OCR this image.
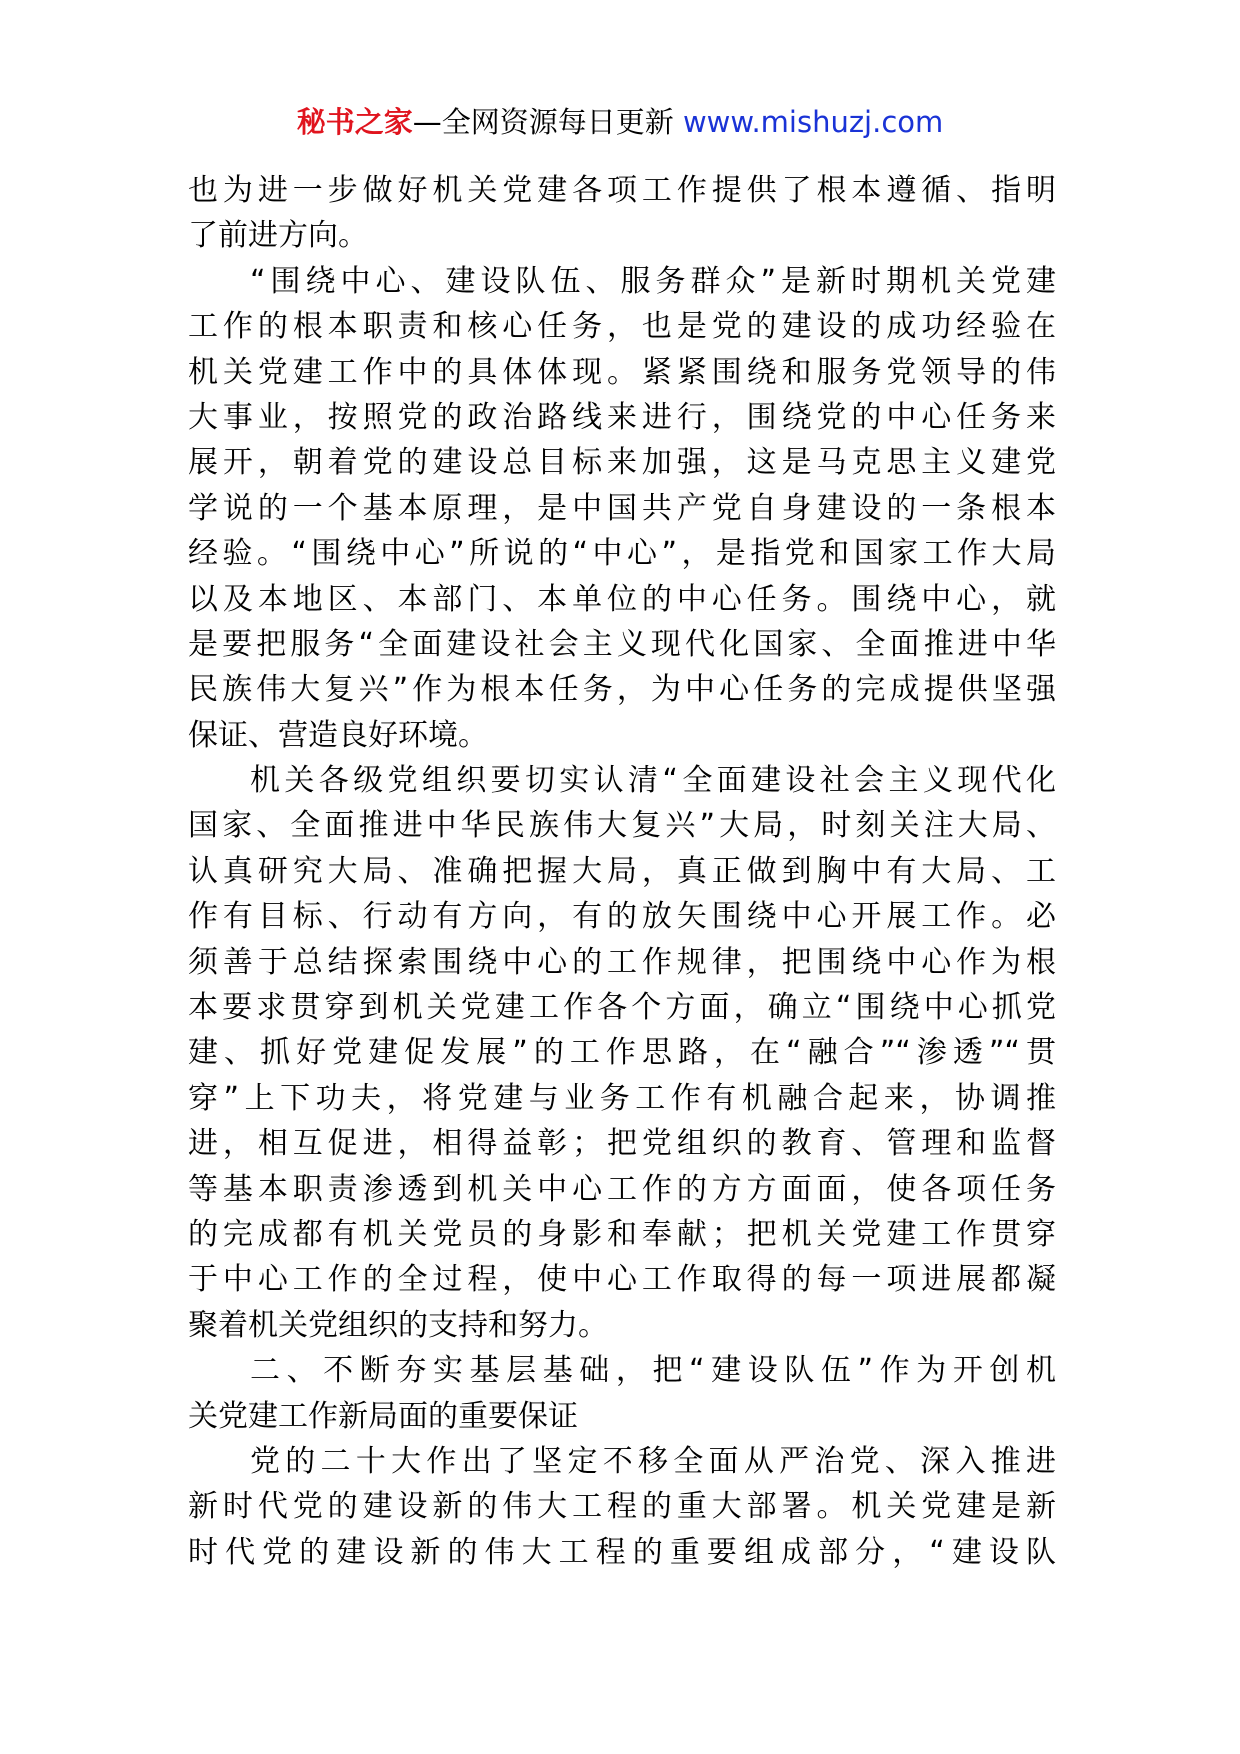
秘书之家—全网资源每日更新 www.mishuzj.com
也为进一步做好机关党建各项工作提供了根本遵循、指明
了前进方向。
“围绕中心、建设队伍、服务群众”是新时期机关党建
工作的根本职责和核心任务，也是党的建设的成功经验在
机关党建工作中的具体体现。紧紧围绕和服务党领导的伟
大事业，按照党的政治路线来进行，围绕党的中心任务来
展开，朝着党的建设总目标来加强，这是马克思主义建党
学说的一个基本原理，是中国共产党自身建设的一条根本
经验。“围绕中心”所说的“中心”，是指党和国家工作大局
以及本地区、本部门、本单位的中心任务。围绕中心，就
是要把服务“全面建设社会主义现代化国家、全面推进中华
民族伟大复兴”作为根本任务，为中心任务的完成提供坚强
保证、营造良好环境。
机关各级党组织要切实认清“全面建设社会主义现代化
国家、全面推进中华民族伟大复兴”大局，时刻关注大局、
认真研究大局、准确把握大局，真正做到胸中有大局、工
作有目标、行动有方向，有的放矢围绕中心开展工作。必
须善于总结探索围绕中心的工作规律，把围绕中心作为根
本要求贯穿到机关党建工作各个方面，确立“围绕中心抓党
建、抓好党建促发展”的工作思路，在“融合”“渗透”“贯
穿”上下功夫，将党建与业务工作有机融合起来，协调推
进，相互促进，相得益彰；把党组织的教育、管理和监督
等基本职责渗透到机关中心工作的方方面面，使各项任务
的完成都有机关党员的身影和奉献；把机关党建工作贯穿
于中心工作的全过程，使中心工作取得的每一项进展都凝
聚着机关党组织的支持和努力。
二、不断夯实基层基础，把“建设队伍”作为开创机
关党建工作新局面的重要保证
党的二十大作出了坚定不移全面从严治党、深入推进
新时代党的建设新的伟大工程的重大部署。机关党建是新
时代党的建设新的伟大工程的重要组成部分，“建设队
